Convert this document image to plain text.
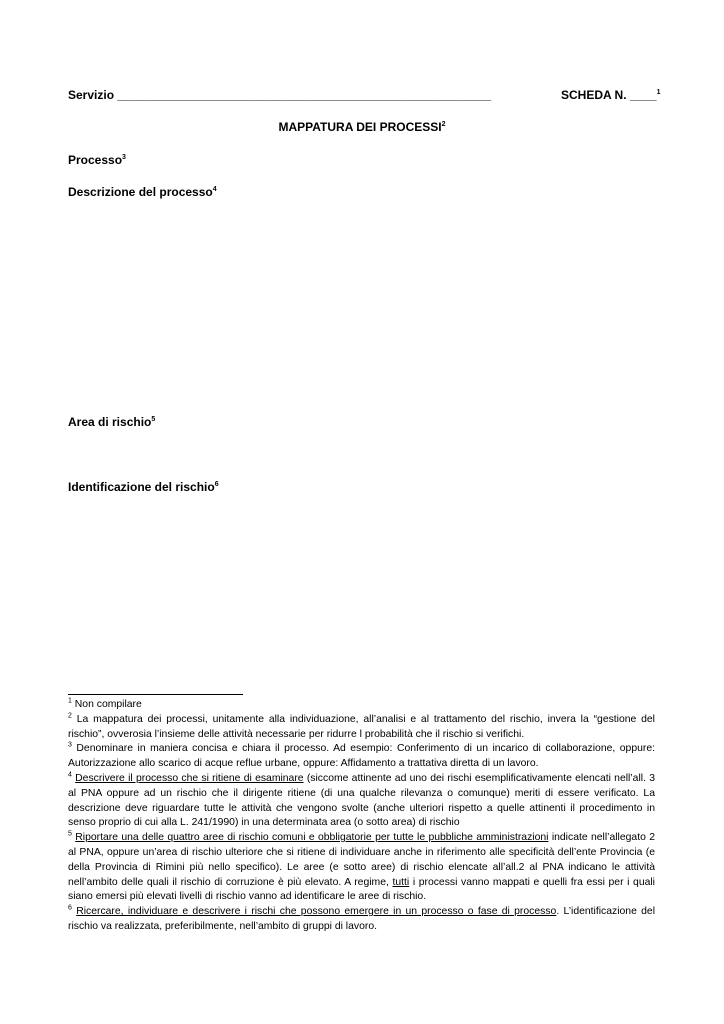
Servizio ________________________________________________________	SCHEDA N. ____$^1$
MAPPATURA DEI PROCESSI$^2$
Processo$^3$
Descrizione del processo$^4$
Area di rischio$^5$
Identificazione del rischio$^6$

$^1$ Non compilare

$^2$ La mappatura dei processi, unitamente alla individuazione, all’analisi e al trattamento del rischio, invera la “gestione del rischio”, ovverosia l’insieme delle attività necessarie per ridurre l probabilità che il rischio si verifichi.

$^3$ Denominare in maniera concisa e chiara il processo. Ad esempio: Conferimento di un incarico di collaborazione, oppure: Autorizzazione allo scarico di acque reflue urbane, oppure: Affidamento a trattativa diretta di un lavoro.

$^4$ Descrivere il processo che si ritiene di esaminare (siccome attinente ad uno dei rischi esemplificativamente elencati nell’all. 3 al PNA oppure ad un rischio che il dirigente ritiene (di una qualche rilevanza o comunque) meriti di essere verificato. La descrizione deve riguardare tutte le attività che vengono svolte (anche ulteriori rispetto a quelle attinenti il procedimento in senso proprio di cui alla L. 241/1990) in una determinata area (o sotto area) di rischio

$^5$ Riportare una delle quattro aree di rischio comuni e obbligatorie per tutte le pubbliche amministrazioni indicate nell’allegato 2 al PNA, oppure un’area di rischio ulteriore che si ritiene di individuare anche in riferimento alle specificità dell’ente Provincia (e della Provincia di Rimini più nello specifico). Le aree (e sotto aree) di rischio elencate all’all.2 al PNA indicano le attività nell’ambito delle quali il rischio di corruzione è più elevato. A regime, tutti i processi vanno mappati e quelli fra essi per i quali siano emersi più elevati livelli di rischio vanno ad identificare le aree di rischio.

$^6$ Ricercare, individuare e descrivere i rischi che possono emergere in un processo o fase di processo. L’identificazione del rischio va realizzata, preferibilmente, nell’ambito di gruppi di lavoro.
